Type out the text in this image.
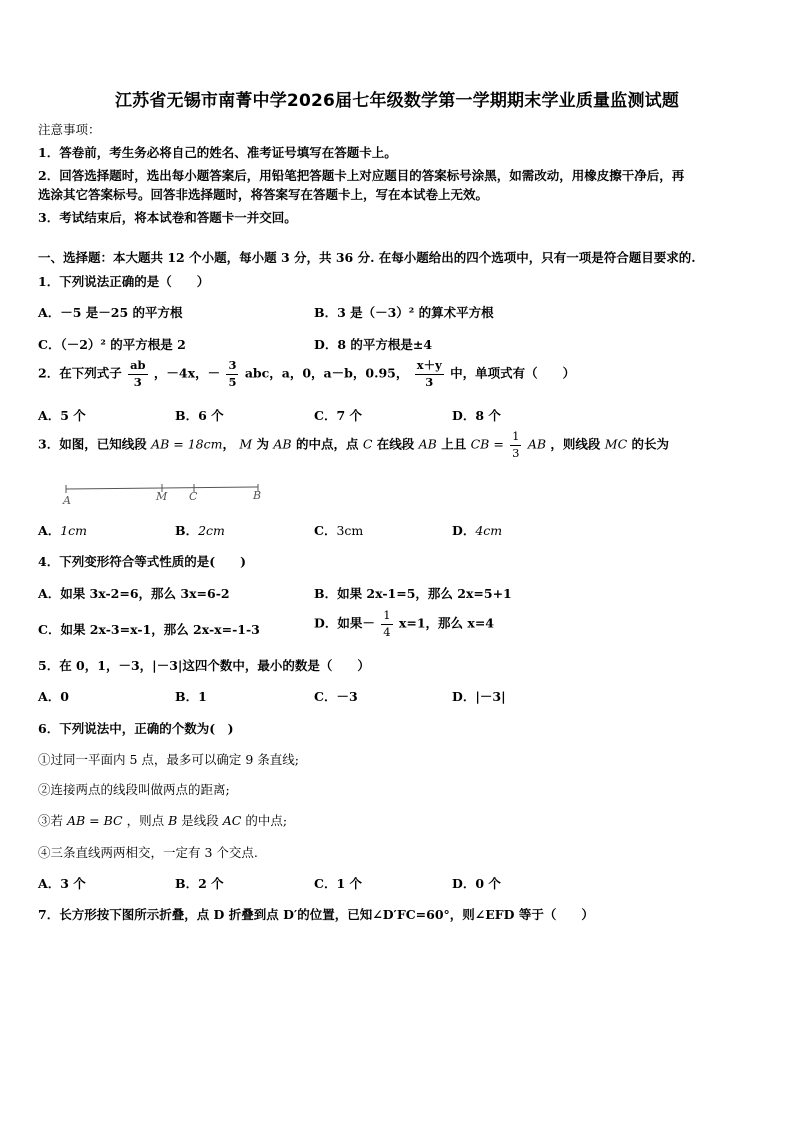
江苏省无锡市南菁中学2026届七年级数学第一学期期末学业质量监测试题
注意事项：
1．答卷前，考生务必将自己的姓名、准考证号填写在答题卡上。
2．回答选择题时，选出每小题答案后，用铅笔把答题卡上对应题目的答案标号涂黑，如需改动，用橡皮擦干净后，再
选涂其它答案标号。回答非选择题时，将答案写在答题卡上，写在本试卷上无效。
3．考试结束后，将本试卷和答题卡一并交回。
一、选择题：本大题共 12 个小题，每小题 3 分，共 36 分. 在每小题给出的四个选项中，只有一项是符合题目要求的.
1．下列说法正确的是（　　）
A．－5 是－25 的平方根	B．3 是（－3）² 的算术平方根
C．（－2）² 的平方根是 2	D．8 的平方根是±4
2．在下列式子 $\frac{ab}{3}$ ，－4x，－ $\frac{3}{5}$ abc，a，0，a－b，0.95， $\frac{x+y}{3}$ 中，单项式有（　　）
A．5 个	B．6 个	C．7 个	D．8 个
3．如图，已知线段 AB = 18cm， M 为 AB 的中点，点 C 在线段 AB 上且 CB = $\frac{1}{3}$ AB ，则线段 MC 的长为
A	M C	B
A．1cm	B．2cm	C．3cm	D．4cm
4．下列变形符合等式性质的是(　　)
A．如果 3x-2=6，那么 3x=6-2	B．如果 2x-1=5，那么 2x=5+1
C．如果 2x-3=x-1，那么 2x-x=-1-3	D．如果－ $\frac{1}{4} x=1$，那么 x=4
5．在 0，1，－3，|－3|这四个数中，最小的数是（　　）
A．0	B．1	C．－3	D．|－3|
6．下列说法中，正确的个数为(　)
①过同一平面内 5 点，最多可以确定 9 条直线;
②连接两点的线段叫做两点的距离;
③若 AB = BC ，则点 B 是线段 AC 的中点;
④三条直线两两相交，一定有 3 个交点.
A．3 个	B．2 个	C．1 个	D．0 个
7．长方形按下图所示折叠，点 D 折叠到点 D′的位置，已知∠D′FC=60°，则∠EFD 等于（　　）
